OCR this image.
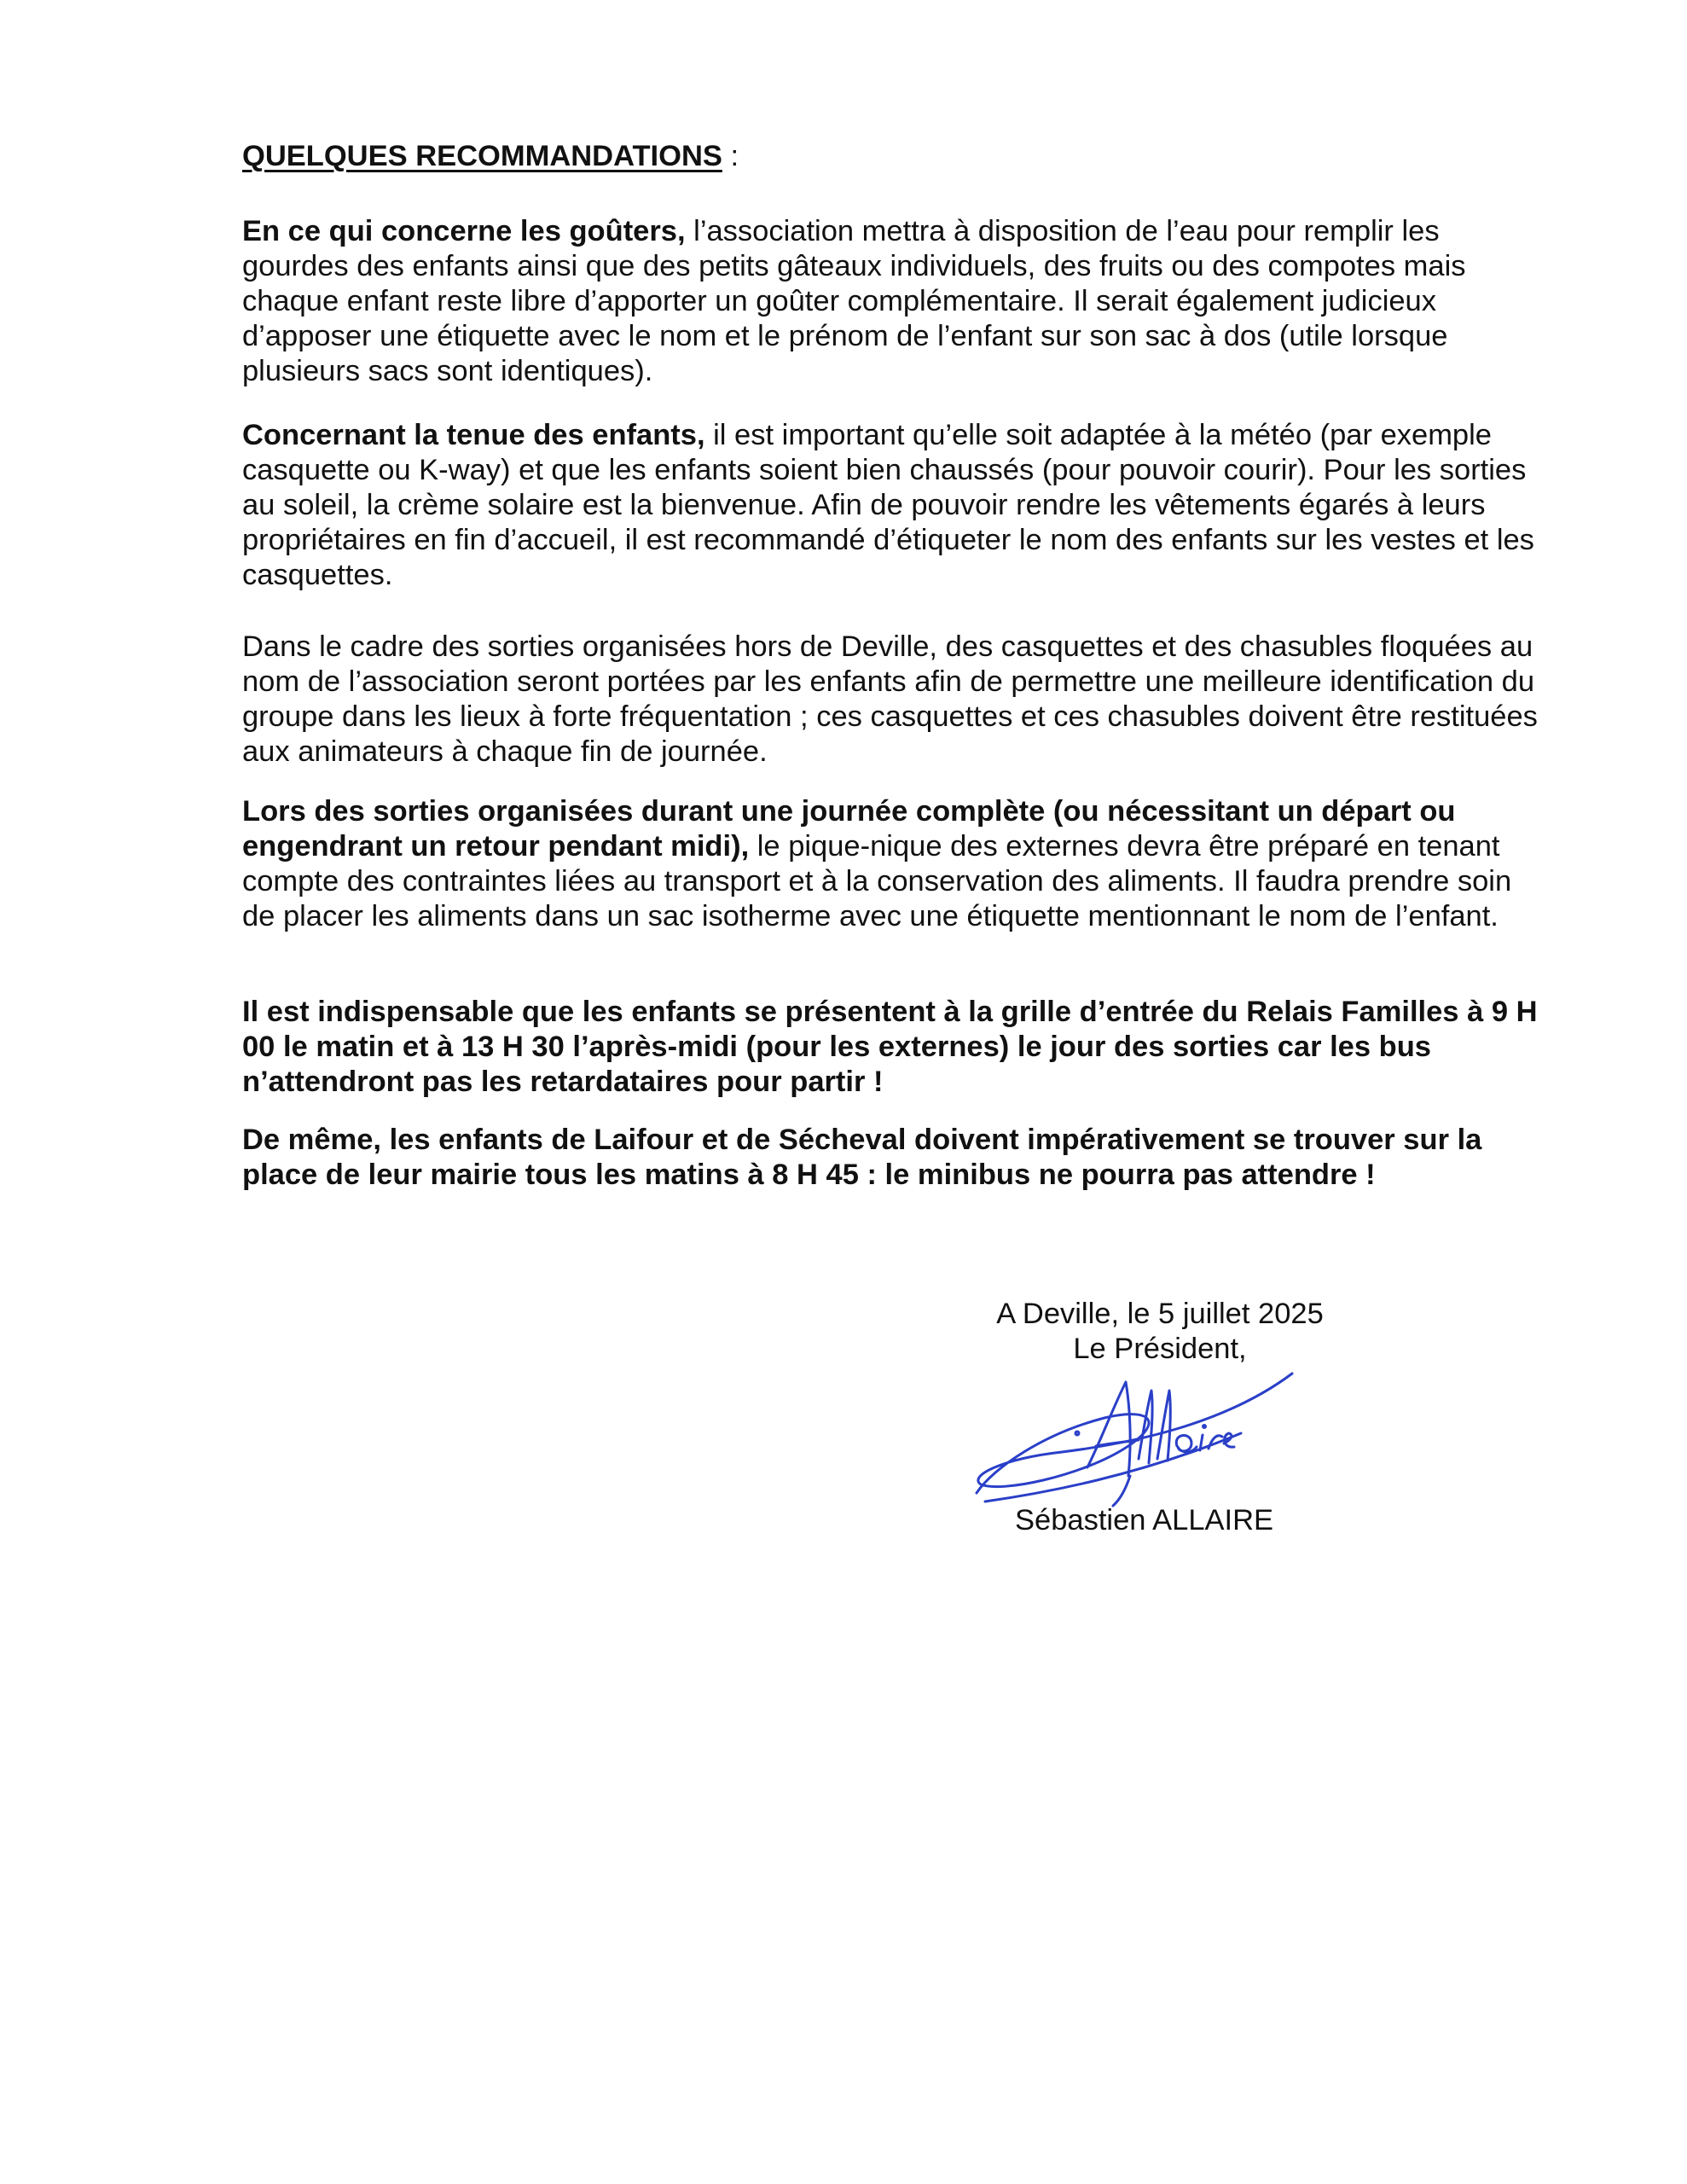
QUELQUES RECOMMANDATIONS :

En ce qui concerne les goûters, l’association mettra à disposition de l’eau pour remplir les gourdes des enfants ainsi que des petits gâteaux individuels, des fruits ou des compotes mais chaque enfant reste libre d’apporter un goûter complémentaire. Il serait également judicieux d’apposer une étiquette avec le nom et le prénom de l’enfant sur son sac à dos (utile lorsque plusieurs sacs sont identiques).

Concernant la tenue des enfants, il est important qu’elle soit adaptée à la météo (par exemple casquette ou K-way) et que les enfants soient bien chaussés (pour pouvoir courir). Pour les sorties au soleil, la crème solaire est la bienvenue. Afin de pouvoir rendre les vêtements égarés à leurs propriétaires en fin d’accueil, il est recommandé d’étiqueter le nom des enfants sur les vestes et les casquettes.

Dans le cadre des sorties organisées hors de Deville, des casquettes et des chasubles floquées au nom de l’association seront portées par les enfants afin de permettre une meilleure identification du groupe dans les lieux à forte fréquentation ; ces casquettes et ces chasubles doivent être restituées aux animateurs à chaque fin de journée.

Lors des sorties organisées durant une journée complète (ou nécessitant un départ ou engendrant un retour pendant midi), le pique-nique des externes devra être préparé en tenant compte des contraintes liées au transport et à la conservation des aliments. Il faudra prendre soin de placer les aliments dans un sac isotherme avec une étiquette mentionnant le nom de l’enfant.

Il est indispensable que les enfants se présentent à la grille d’entrée du Relais Familles à 9 H 00 le matin et à 13 H 30 l’après-midi (pour les externes) le jour des sorties car les bus n’attendront pas les retardataires pour partir !

De même, les enfants de Laifour et de Sécheval doivent impérativement se trouver sur la place de leur mairie tous les matins à 8 H 45 : le minibus ne pourra pas attendre !

A Deville, le 5 juillet 2025
Le Président,
Sébastien ALLAIRE
